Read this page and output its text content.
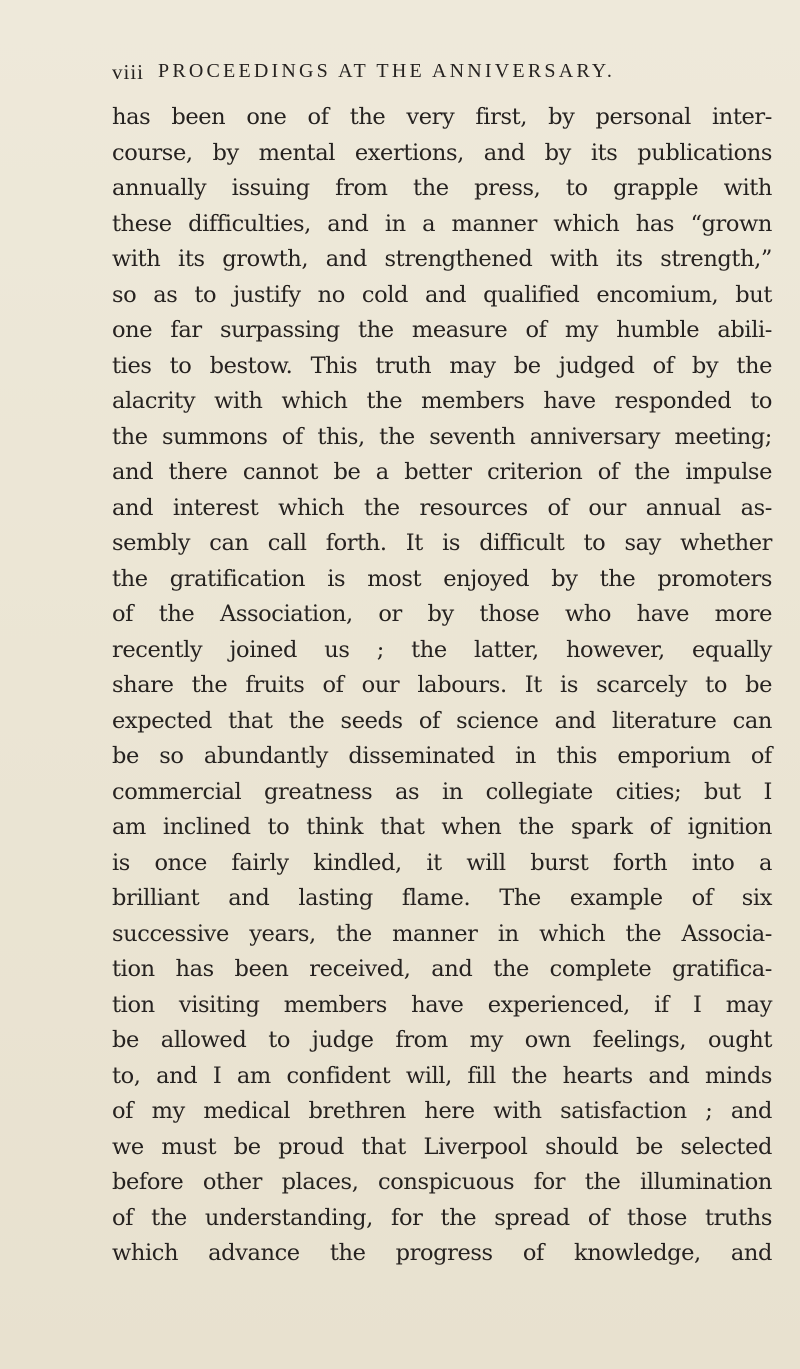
viii PROCEEDINGS AT THE ANNIVERSARY.
has been one of the very first, by personal inter-
course, by mental exertions, and by its publications
annually issuing from the press, to grapple with
these difficulties, and in a manner which has “grown
with its growth, and strengthened with its strength,”
so as to justify no cold and qualified encomium, but
one far surpassing the measure of my humble abili-
ties to bestow. This truth may be judged of by the
alacrity with which the members have responded to
the summons of this, the seventh anniversary meeting;
and there cannot be a better criterion of the impulse
and interest which the resources of our annual as-
sembly can call forth. It is difficult to say whether
the gratification is most enjoyed by the promoters
of the Association, or by those who have more
recently joined us ; the latter, however, equally
share the fruits of our labours. It is scarcely to be
expected that the seeds of science and literature can
be so abundantly disseminated in this emporium of
commercial greatness as in collegiate cities; but I
am inclined to think that when the spark of ignition
is once fairly kindled, it will burst forth into a
brilliant and lasting flame. The example of six
successive years, the manner in which the Associa-
tion has been received, and the complete gratifica-
tion visiting members have experienced, if I may
be allowed to judge from my own feelings, ought
to, and I am confident will, fill the hearts and minds
of my medical brethren here with satisfaction ; and
we must be proud that Liverpool should be selected
before other places, conspicuous for the illumination
of the understanding, for the spread of those truths
which advance the progress of knowledge, and
